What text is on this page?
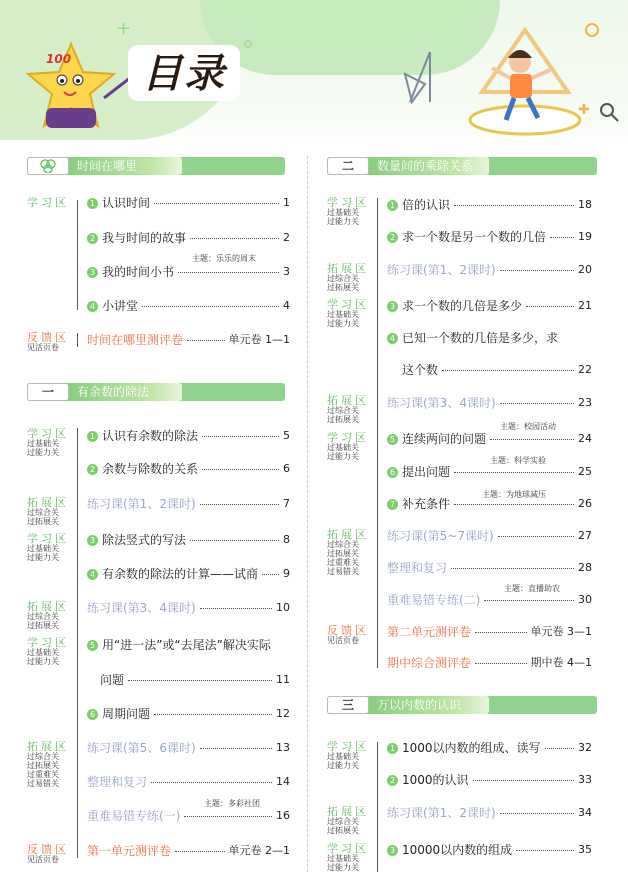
100 目录
+
✚
时间在哪里
学习区	1 认识时间	1
2 我与时间的故事	2
主题：乐乐的周末
3 我的时间小书	3
4 小讲堂	4
反馈区
见活页卷
时间在哪里测评卷	单元卷 1—1
一	有余数的除法
学习区
过基础关
过能力关
1 认识有余数的除法	5
2 余数与除数的关系	6
拓展区
过综合关
过拓展关
练习课(第1、2课时)	7
学习区
过基础关
过能力关
3 除法竖式的写法	8
4 有余数的除法的计算——试商 9
拓展区
过综合关
过拓展关
练习课(第3、4课时)	10
学习区
过基础关
过能力关
5 用“进一法”或“去尾法”解决实际
问题	11
6 周期问题	12
拓展区
过综合关
过拓展关
过重难关
过易错关
练习课(第5、6课时)	13
整理和复习	14
主题：多彩社团
重难易错专练(一)	16
反馈区
见活页卷
第一单元测评卷	单元卷 2—1
二	数量间的乘除关系
学习区
过基础关
过能力关
1 倍的认识	18
2 求一个数是另一个数的几倍	19
拓展区
过综合关
过拓展关
练习课(第1、2课时)	20
学习区
过基础关
过能力关
3 求一个数的几倍是多少	21
4 已知一个数的几倍是多少，求
这个数	22
拓展区
过综合关
过拓展关
练习课(第3、4课时)	23
学习区
过基础关
过能力关
主题：校园活动
5 连续两问的问题	24
主题：科学实验
6 提出问题	25
主题：为地球减压
7 补充条件	26
拓展区
过综合关
过拓展关
过重难关
过易错关
练习课(第5~7课时)	27
整理和复习	28
主题：直播助农
重难易错专练(二)	30
反馈区
见活页卷
第二单元测评卷	单元卷 3—1
期中综合测评卷	期中卷 4—1
三	万以内数的认识
学习区
过基础关
过能力关
1 1000以内数的组成、读写	32
2 1000的认识	33
拓展区
过综合关
过拓展关
练习课(第1、2课时)	34
学习区
过基础关
过能力关
3 10000以内数的组成	35
